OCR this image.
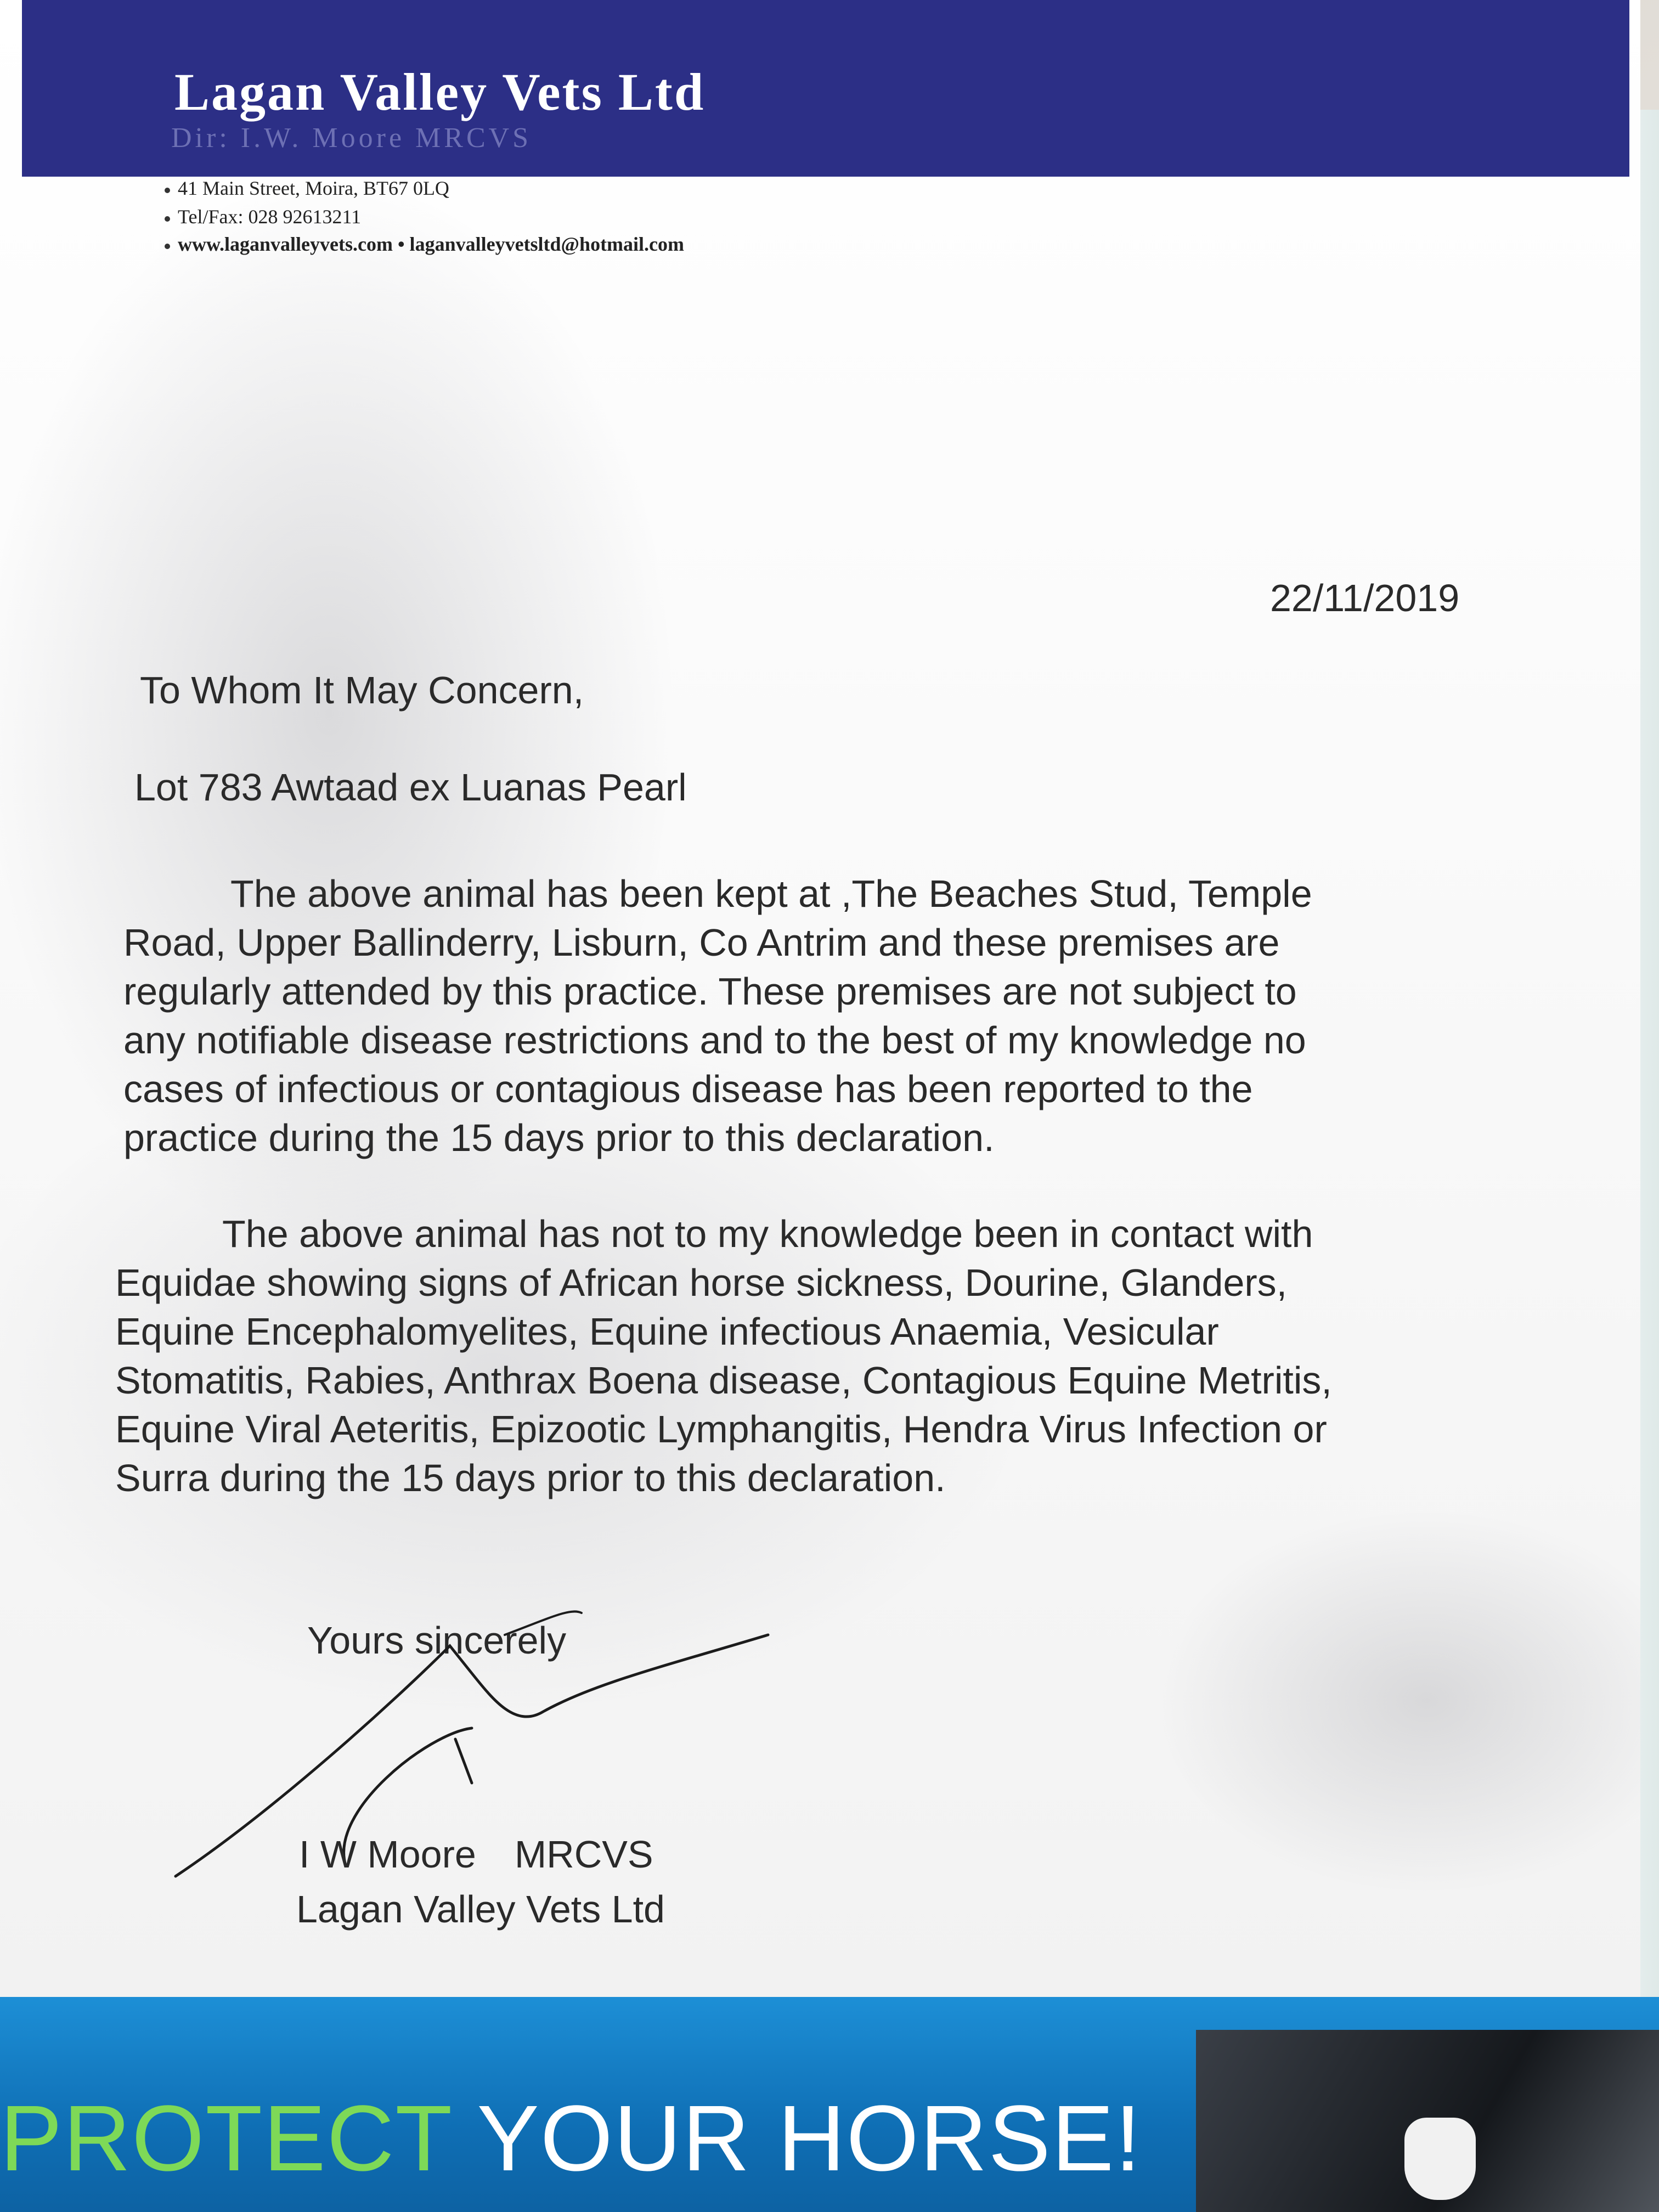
Lagan Valley Vets Ltd
Dir: I.W. Moore MRCVS
41 Main Street, Moira, BT67 0LQ
Tel/Fax: 028 92613211
www.laganvalleyvets.com • laganvalleyvetsltd@hotmail.com
22/11/2019
To Whom It May Concern,
Lot 783 Awtaad ex Luanas Pearl
The above animal has been kept at ,The Beaches Stud, Temple
Road, Upper Ballinderry, Lisburn, Co Antrim and these premises are
regularly attended by this practice. These premises are not subject to
any notifiable disease restrictions and to the best of my knowledge no
cases of infectious or contagious disease has been reported to the
practice during the 15 days prior to this declaration.
The above animal has not to my knowledge been in contact with
Equidae showing signs of African horse sickness, Dourine, Glanders,
Equine Encephalomyelites, Equine infectious Anaemia, Vesicular
Stomatitis, Rabies, Anthrax Boena disease, Contagious Equine Metritis,
Equine Viral Aeteritis, Epizootic Lymphangitis, Hendra Virus Infection or
Surra during the 15 days prior to this declaration.
Yours sincerely
I W Moore MRCVS
Lagan Valley Vets Ltd
PROTECT YOUR HORSE!
